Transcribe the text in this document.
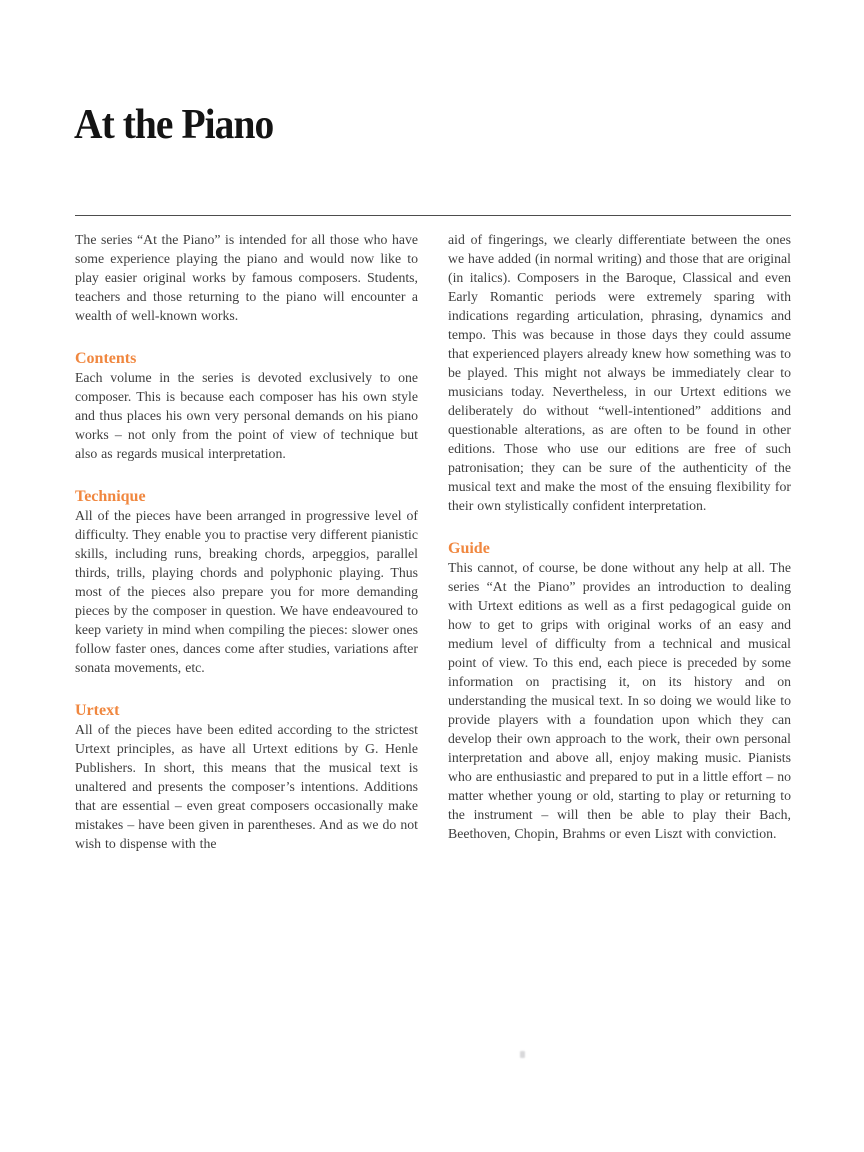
At the Piano

The series “At the Piano” is intended for all those who have some experience playing the piano and would now like to play easier original works by famous composers. Students, teachers and those returning to the piano will encounter a wealth of well-known works.

Contents

Each volume in the series is devoted exclusively to one composer. This is because each composer has his own style and thus places his own very personal demands on his piano works – not only from the point of view of technique but also as regards musical interpretation.

Technique

All of the pieces have been arranged in progressive level of difficulty. They enable you to practise very different pianistic skills, including runs, breaking chords, arpeggios, parallel thirds, trills, playing chords and polyphonic playing. Thus most of the pieces also prepare you for more demanding pieces by the composer in question. We have endeavoured to keep variety in mind when compiling the pieces: slower ones follow faster ones, dances come after studies, variations after sonata movements, etc.

Urtext

All of the pieces have been edited according to the strictest Urtext principles, as have all Urtext editions by G. Henle Publishers. In short, this means that the musical text is unaltered and presents the composer’s intentions. Additions that are essential – even great composers occasionally make mistakes – have been given in parentheses. And as we do not wish to dispense with the

aid of fingerings, we clearly differentiate between the ones we have added (in normal writing) and those that are original (in italics). Composers in the Baroque, Classical and even Early Romantic periods were extremely sparing with indications regarding articulation, phrasing, dynamics and tempo. This was because in those days they could assume that experienced players already knew how something was to be played. This might not always be immediately clear to musicians today. Nevertheless, in our Urtext editions we deliberately do without “well-intentioned” additions and questionable alterations, as are often to be found in other editions. Those who use our editions are free of such patronisation; they can be sure of the authenticity of the musical text and make the most of the ensuing flexibility for their own stylistically confident interpretation.

Guide

This cannot, of course, be done without any help at all. The series “At the Piano” provides an introduction to dealing with Urtext editions as well as a first pedagogical guide on how to get to grips with original works of an easy and medium level of difficulty from a technical and musical point of view. To this end, each piece is preceded by some information on practising it, on its history and on understanding the musical text. In so doing we would like to provide players with a foundation upon which they can develop their own approach to the work, their own personal interpretation and above all, enjoy making music. Pianists who are enthusiastic and prepared to put in a little effort – no matter whether young or old, starting to play or returning to the instrument – will then be able to play their Bach, Beethoven, Chopin, Brahms or even Liszt with conviction.
